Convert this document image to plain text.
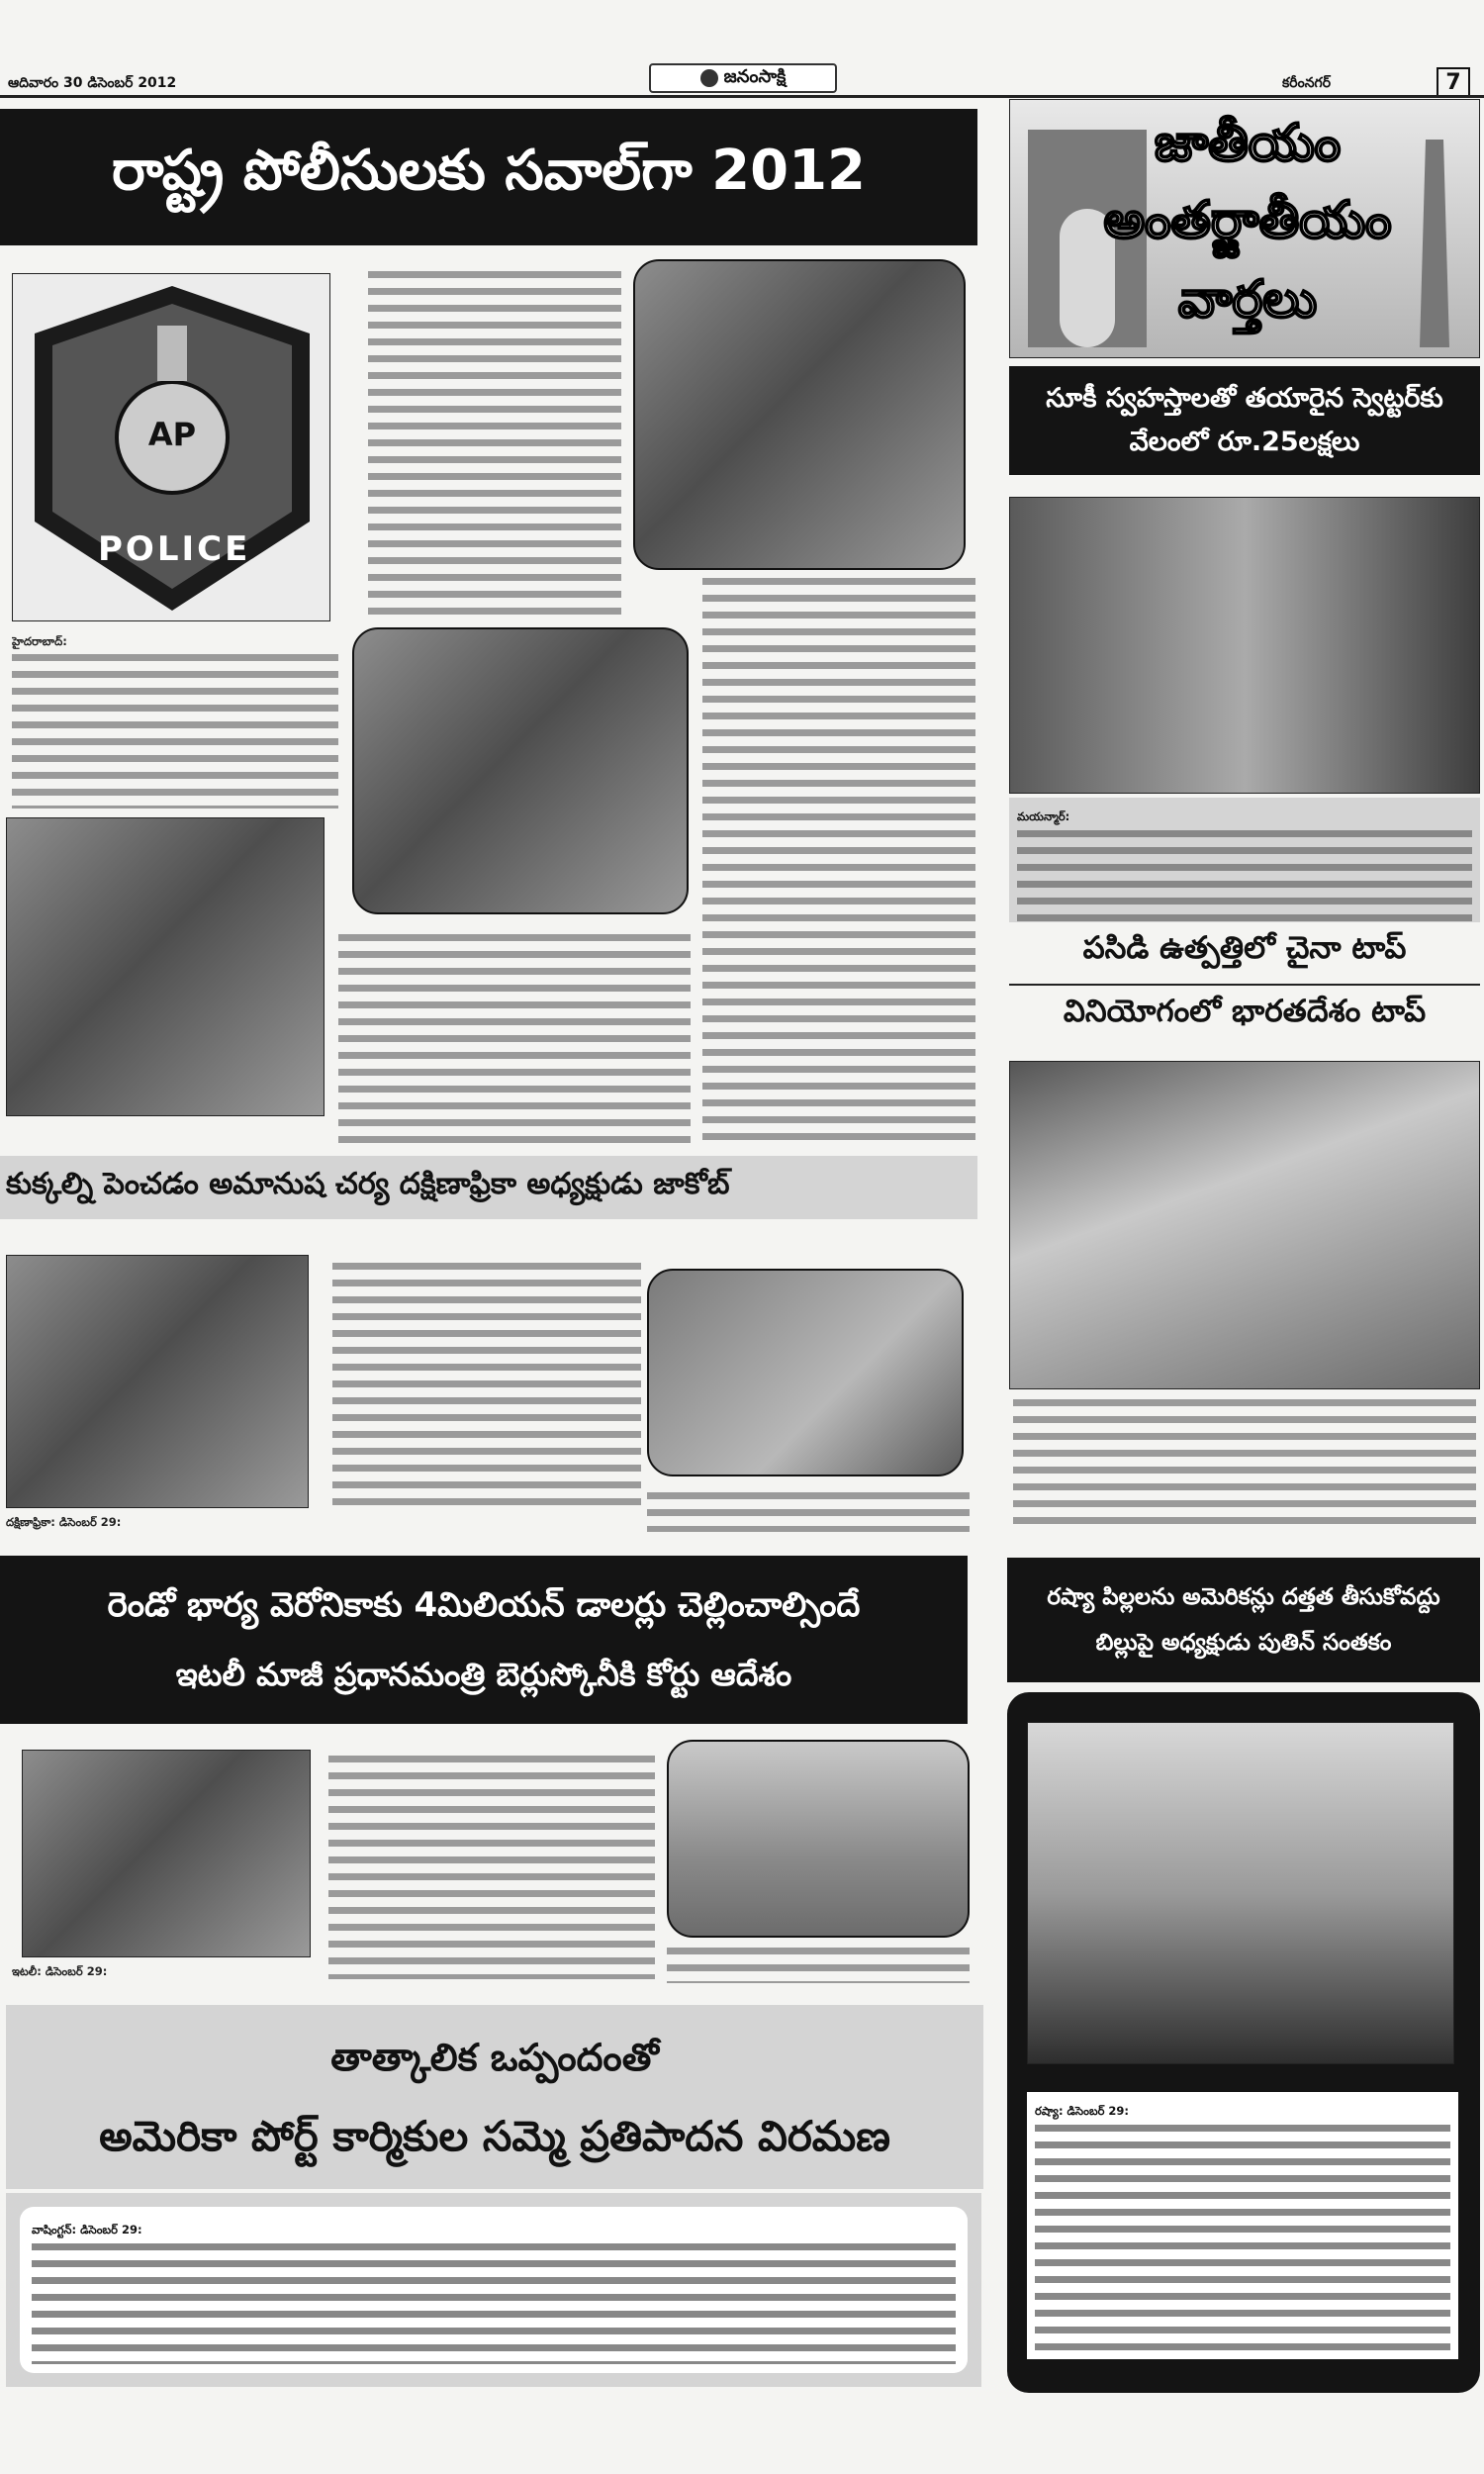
ఆదివారం 30 డిసెంబర్ 2012	జనంసాక్షి	కరీంనగర్	7
రాష్ట్ర పోలీసులకు సవాల్‌గా 2012
AP
POLICE
హైదరాబాద్:
జాతీయం
అంతర్జాతీయం
వార్తలు
సూకీ స్వహస్తాలతో తయారైన స్వెట్టర్‌కు
వేలంలో రూ.25లక్షలు
మయన్మార్:
పసిడి ఉత్పత్తిలో చైనా టాప్
వినియోగంలో భారతదేశం టాప్
కుక్కల్ని పెంచడం అమానుష చర్య దక్షిణాఫ్రికా అధ్యక్షుడు జాకోబ్
దక్షిణాఫ్రికా: డిసెంబర్ 29:
రెండో భార్య వెరోనికాకు 4మిలియన్ డాలర్లు చెల్లించాల్సిందే
ఇటలీ మాజీ ప్రధానమంత్రి బెర్లుస్కోనీకి కోర్టు ఆదేశం
ఇటలీ: డిసెంబర్ 29:
రష్యా పిల్లలను అమెరికన్లు దత్తత తీసుకోవద్దు
బిల్లుపై అధ్యక్షుడు పుతిన్ సంతకం
రష్యా: డిసెంబర్ 29:
తాత్కాలిక ఒప్పందంతో
అమెరికా పోర్ట్ కార్మికుల సమ్మె ప్రతిపాదన విరమణ
వాషింగ్టన్: డిసెంబర్ 29:
